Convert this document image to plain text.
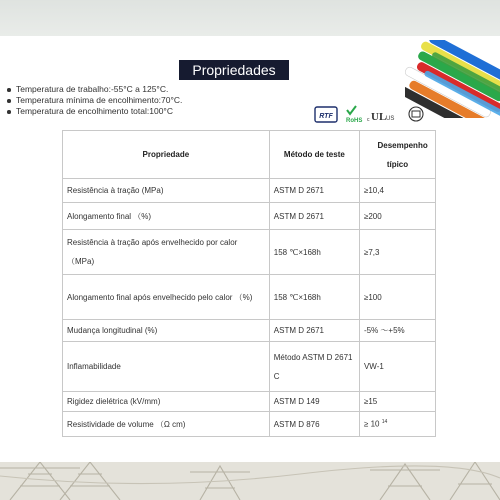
Propriedades
Temperatura de trabalho:-55°C a 125°C.
Temperatura mínima de encolhimento:70°C.
Temperatura de encolhimento total:100°C
RTF
RoHS c UL US
Propriedade	Método de teste	Desempenho típico

Resistência à tração (MPa)	ASTM D 2671	≥10,4
Alongamento final （%)	ASTM D 2671	≥200

Resistência à tração após envelhecido por calor （MPa)	158 ℃×168h	≥7,3

Alongamento final após envelhecido pelo calor （%)	158 ℃×168h	≥100
Mudança longitudinal (%)	ASTM D 2671	-5% ～+5%
Inflamabilidade	Método ASTM D 2671 C	VW-1
Rigidez dielétrica (kV/mm)	ASTM D 149	≥15
Resistividade de volume （Ω cm)	ASTM D 876	≥ 10 $^{14}$
